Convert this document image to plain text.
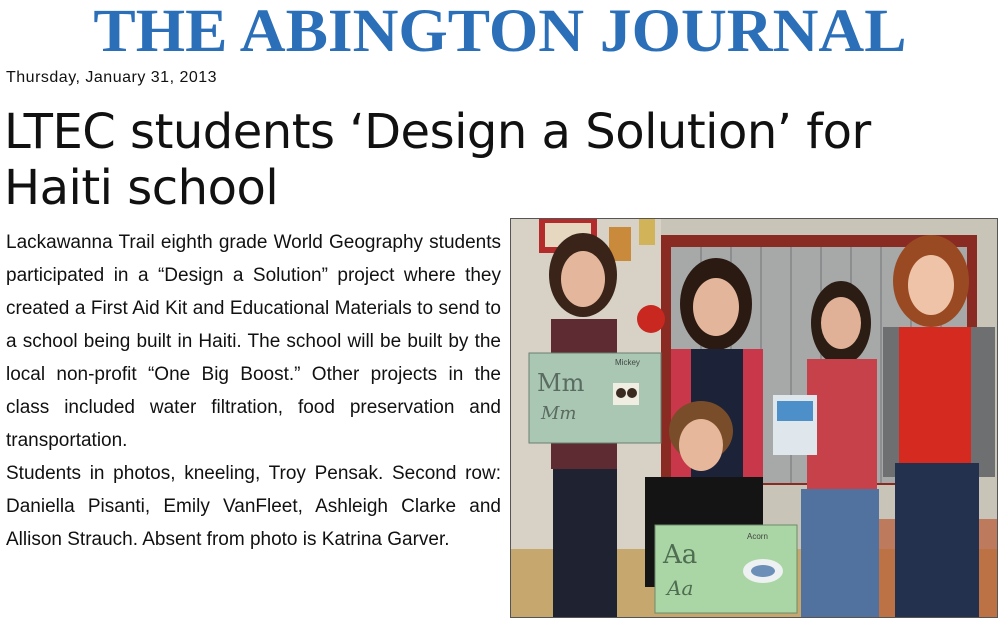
THE ABINGTON JOURNAL
Thursday, January 31, 2013
LTEC students ‘Design a Solution’ for Haiti school

Lackawanna Trail eighth grade World Geography students participated in a “Design a Solution” project where they created a First Aid Kit and Educational Materials to send to a school being built in Haiti. The school will be built by the local non-profit “One Big Boost.” Other projects in the class included water filtration, food preservation and transportation.

Students in photos, kneeling, Troy Pensak. Second row: Daniella Pisanti, Emily VanFleet, Ashleigh Clarke and Allison Strauch. Absent from photo is Katrina Garver.

Mm
Mm
Mickey
Aa
Aa
Acorn
